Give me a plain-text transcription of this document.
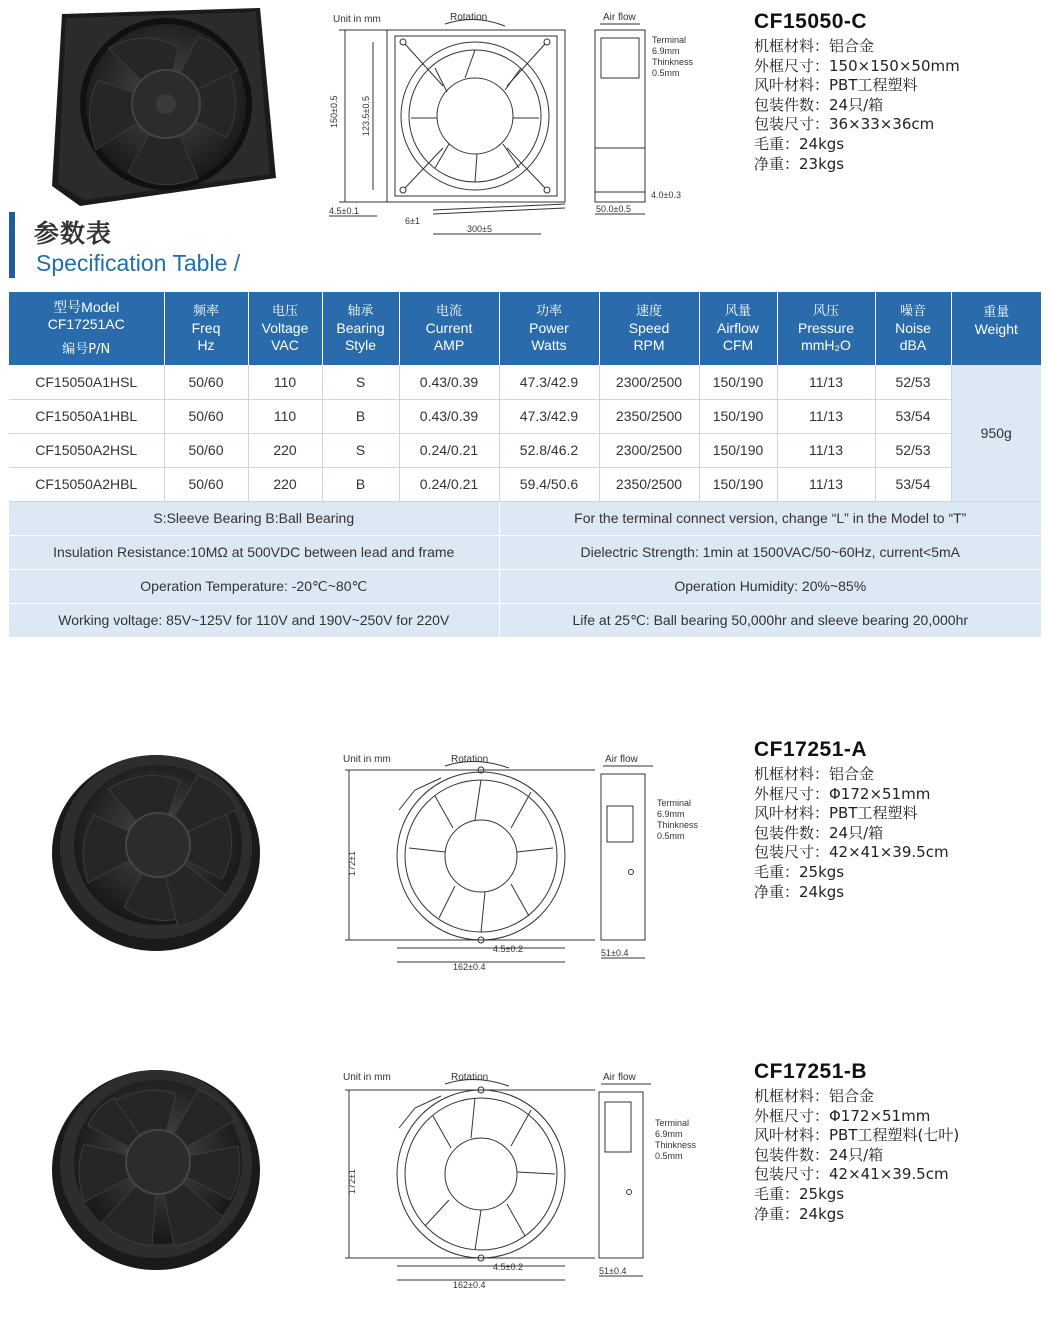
Unit in mm	Rotation	Air flow
150±0.5 123.5±0.5
4.5±0.1
6±1
300±5
Terminal
6.9mm
Thinkness
0.5mm
50.0±0.5
4.0±0.3
CF15050-C
机框材料：铝合金
外框尺寸：150×150×50mm
风叶材料：PBT工程塑料
包装件数：24只/箱
包装尺寸：36×33×36cm
毛重：24kgs
净重：23kgs
参数表
Specification Table /
型号Model
CF17251AC
编号P/N	频率
Freq
Hz	电压
Voltage
VAC	轴承
Bearing
Style	电流
Current
AMP	功率
Power
Watts	速度
Speed
RPM	风量
Airflow
CFM	风压
Pressure
mmH₂O	噪音
Noise
dBA	重量
Weight

CF15050A1HSL	50/60	110	S	0.43/0.39	47.3/42.9	2300/2500	150/190	11/13	52/53	950g
CF15050A1HBL	50/60	110	B	0.43/0.39	47.3/42.9	2350/2500	150/190	11/13	53/54	
CF15050A2HSL	50/60	220	S	0.24/0.21	52.8/46.2	2300/2500	150/190	11/13	52/53	
CF15050A2HBL	50/60	220	B	0.24/0.21	59.4/50.6	2350/2500	150/190	11/13	53/54	
S:Sleeve Bearing B:Ball Bearing					For the terminal connect version, change “L” in the Model to “T”					
Insulation Resistance:10MΩ at 500VDC between lead and frame					Dielectric Strength: 1min at 1500VAC/50~60Hz, current<5mA					
Operation Temperature: -20℃~80℃					Operation Humidity: 20%~85%					
Working voltage: 85V~125V for 110V and 190V~250V for 220V					Life at 25℃: Ball bearing 50,000hr and sleeve bearing 20,000hr					
Unit in mm	Rotation	Air flow
172±1
4.5±0.2
162±0.4
Terminal
6.9mm
Thinkness
0.5mm
51±0.4
CF17251-A
机框材料：铝合金
外框尺寸：Φ172×51mm
风叶材料：PBT工程塑料
包装件数：24只/箱
包装尺寸：42×41×39.5cm
毛重：25kgs
净重：24kgs
Unit in mm	Rotation	Air flow
172±1
4.5±0.2
162±0.4
Terminal
6.9mm
Thinkness
0.5mm
51±0.4
CF17251-B
机框材料：铝合金
外框尺寸：Φ172×51mm
风叶材料：PBT工程塑料(七叶)
包装件数：24只/箱
包装尺寸：42×41×39.5cm
毛重：25kgs
净重：24kgs
